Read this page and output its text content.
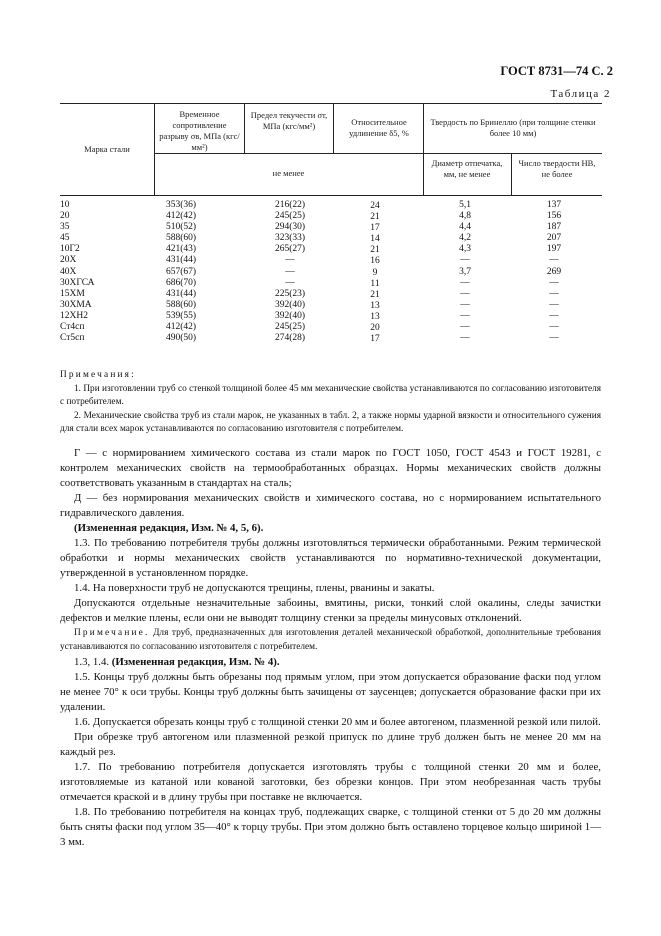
ГОСТ 8731—74 С. 2
Таблица 2
Марка стали
Временное сопротивление разрыву σв, МПа (кгс/мм²)
Предел текучести σт, МПа (кгс/мм²)	Относительное удлинение δ5, %
Твердость по Бринеллю (при толщине стенки более 10 мм)
не менее
Диаметр отпечатка, мм, не менее
Число твердости НВ, не более
10
20
35
45
10Г2
20Х
40Х
30ХГСА
15ХМ
30ХМА
12ХН2
Ст4сп
Ст5сп
353(36)
412(42)
510(52)
588(60)
421(43)
431(44)
657(67)
686(70)
431(44)
588(60)
539(55)
412(42)
490(50)
216(22)
245(25)
294(30)
323(33)
265(27)
—
—
—
225(23)
392(40)
392(40)
245(25)
274(28)
24
21
17
14
21
16
9
11
21
13
13
20
17
5,1
4,8
4,4
4,2
4,3
—
3,7
—
—
—
—
—
—
137
156
187
207
197
—
269
—
—
—
—
—
—

Примечания:

1. При изготовлении труб со стенкой толщиной более 45 мм механические свойства устанавливаются по согласованию изготовителя с потребителем.

2. Механические свойства труб из стали марок, не указанных в табл. 2, а также нормы ударной вязкости и относительного сужения для стали всех марок устанавливаются по согласованию изготовителя с потребителем.

Г — с нормированием химического состава из стали марок по ГОСТ 1050, ГОСТ 4543 и ГОСТ 19281, с контролем механических свойств на термообработанных образцах. Нормы механических свойств должны соответствовать указанным в стандартах на сталь;

Д — без нормирования механических свойств и химического состава, но с нормированием испытательного гидравлического давления.

(Измененная редакция, Изм. № 4, 5, 6).

1.3. По требованию потребителя трубы должны изготовляться термически обработанными. Режим термической обработки и нормы механических свойств устанавливаются по нормативно-технической документации, утвержденной в установленном порядке.

1.4. На поверхности труб не допускаются трещины, плены, рванины и закаты.

Допускаются отдельные незначительные забоины, вмятины, риски, тонкий слой окалины, следы зачистки дефектов и мелкие плены, если они не выводят толщину стенки за пределы минусовых отклонений.

Примечание. Для труб, предназначенных для изготовления деталей механической обработкой, дополнительные требования устанавливаются по согласованию изготовителя с потребителем.

1.3, 1.4. (Измененная редакция, Изм. № 4).

1.5. Концы труб должны быть обрезаны под прямым углом, при этом допускается образование фаски под углом не менее 70° к оси трубы. Концы труб должны быть зачищены от заусенцев; допускается образование фаски при их удалении.

1.6. Допускается обрезать концы труб с толщиной стенки 20 мм и более автогеном, плазменной резкой или пилой.

При обрезке труб автогеном или плазменной резкой припуск по длине труб должен быть не менее 20 мм на каждый рез.

1.7. По требованию потребителя допускается изготовлять трубы с толщиной стенки 20 мм и более, изготовляемые из катаной или кованой заготовки, без обрезки концов. При этом необрезанная часть трубы отмечается краской и в длину трубы при поставке не включается.

1.8. По требованию потребителя на концах труб, подлежащих сварке, с толщиной стенки от 5 до 20 мм должны быть сняты фаски под углом 35—40° к торцу трубы. При этом должно быть оставлено торцевое кольцо шириной 1—3 мм.
